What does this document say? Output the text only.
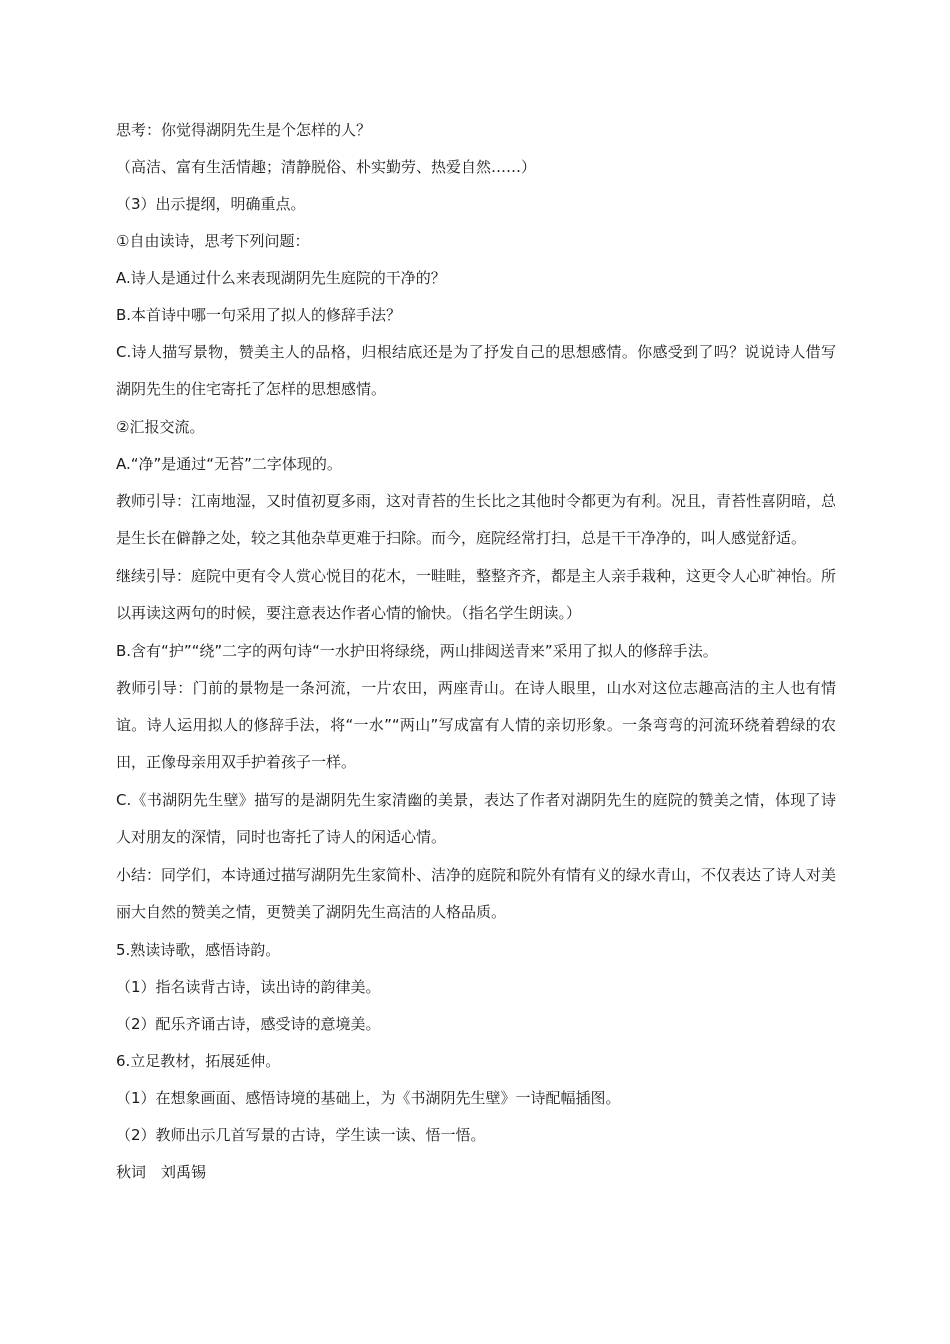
思考：你觉得湖阴先生是个怎样的人？

（高洁、富有生活情趣；清静脱俗、朴实勤劳、热爱自然……）

（3）出示提纲，明确重点。

①自由读诗，思考下列问题：

A.诗人是通过什么来表现湖阴先生庭院的干净的？

B.本首诗中哪一句采用了拟人的修辞手法？

C.诗人描写景物，赞美主人的品格，归根结底还是为了抒发自己的思想感情。你感受到了吗？说说诗人借写湖阴先生的住宅寄托了怎样的思想感情。

②汇报交流。

A.“净”是通过“无苔”二字体现的。

教师引导：江南地湿，又时值初夏多雨，这对青苔的生长比之其他时令都更为有利。况且，青苔性喜阴暗，总是生长在僻静之处，较之其他杂草更难于扫除。而今，庭院经常打扫，总是干干净净的，叫人感觉舒适。

继续引导：庭院中更有令人赏心悦目的花木，一畦畦，整整齐齐，都是主人亲手栽种，这更令人心旷神怡。所以再读这两句的时候，要注意表达作者心情的愉快。（指名学生朗读。）

B.含有“护”“绕”二字的两句诗“一水护田将绿绕，两山排闼送青来”采用了拟人的修辞手法。

教师引导：门前的景物是一条河流，一片农田，两座青山。在诗人眼里，山水对这位志趣高洁的主人也有情谊。诗人运用拟人的修辞手法，将“一水”“两山”写成富有人情的亲切形象。一条弯弯的河流环绕着碧绿的农田，正像母亲用双手护着孩子一样。

C.《书湖阴先生壁》描写的是湖阴先生家清幽的美景，表达了作者对湖阴先生的庭院的赞美之情，体现了诗人对朋友的深情，同时也寄托了诗人的闲适心情。

小结：同学们，本诗通过描写湖阴先生家简朴、洁净的庭院和院外有情有义的绿水青山，不仅表达了诗人对美丽大自然的赞美之情，更赞美了湖阴先生高洁的人格品质。

5.熟读诗歌，感悟诗韵。

（1）指名读背古诗，读出诗的韵律美。

（2）配乐齐诵古诗，感受诗的意境美。

6.立足教材，拓展延伸。

（1）在想象画面、感悟诗境的基础上，为《书湖阴先生壁》一诗配幅插图。

（2）教师出示几首写景的古诗，学生读一读、悟一悟。

秋词　刘禹锡
